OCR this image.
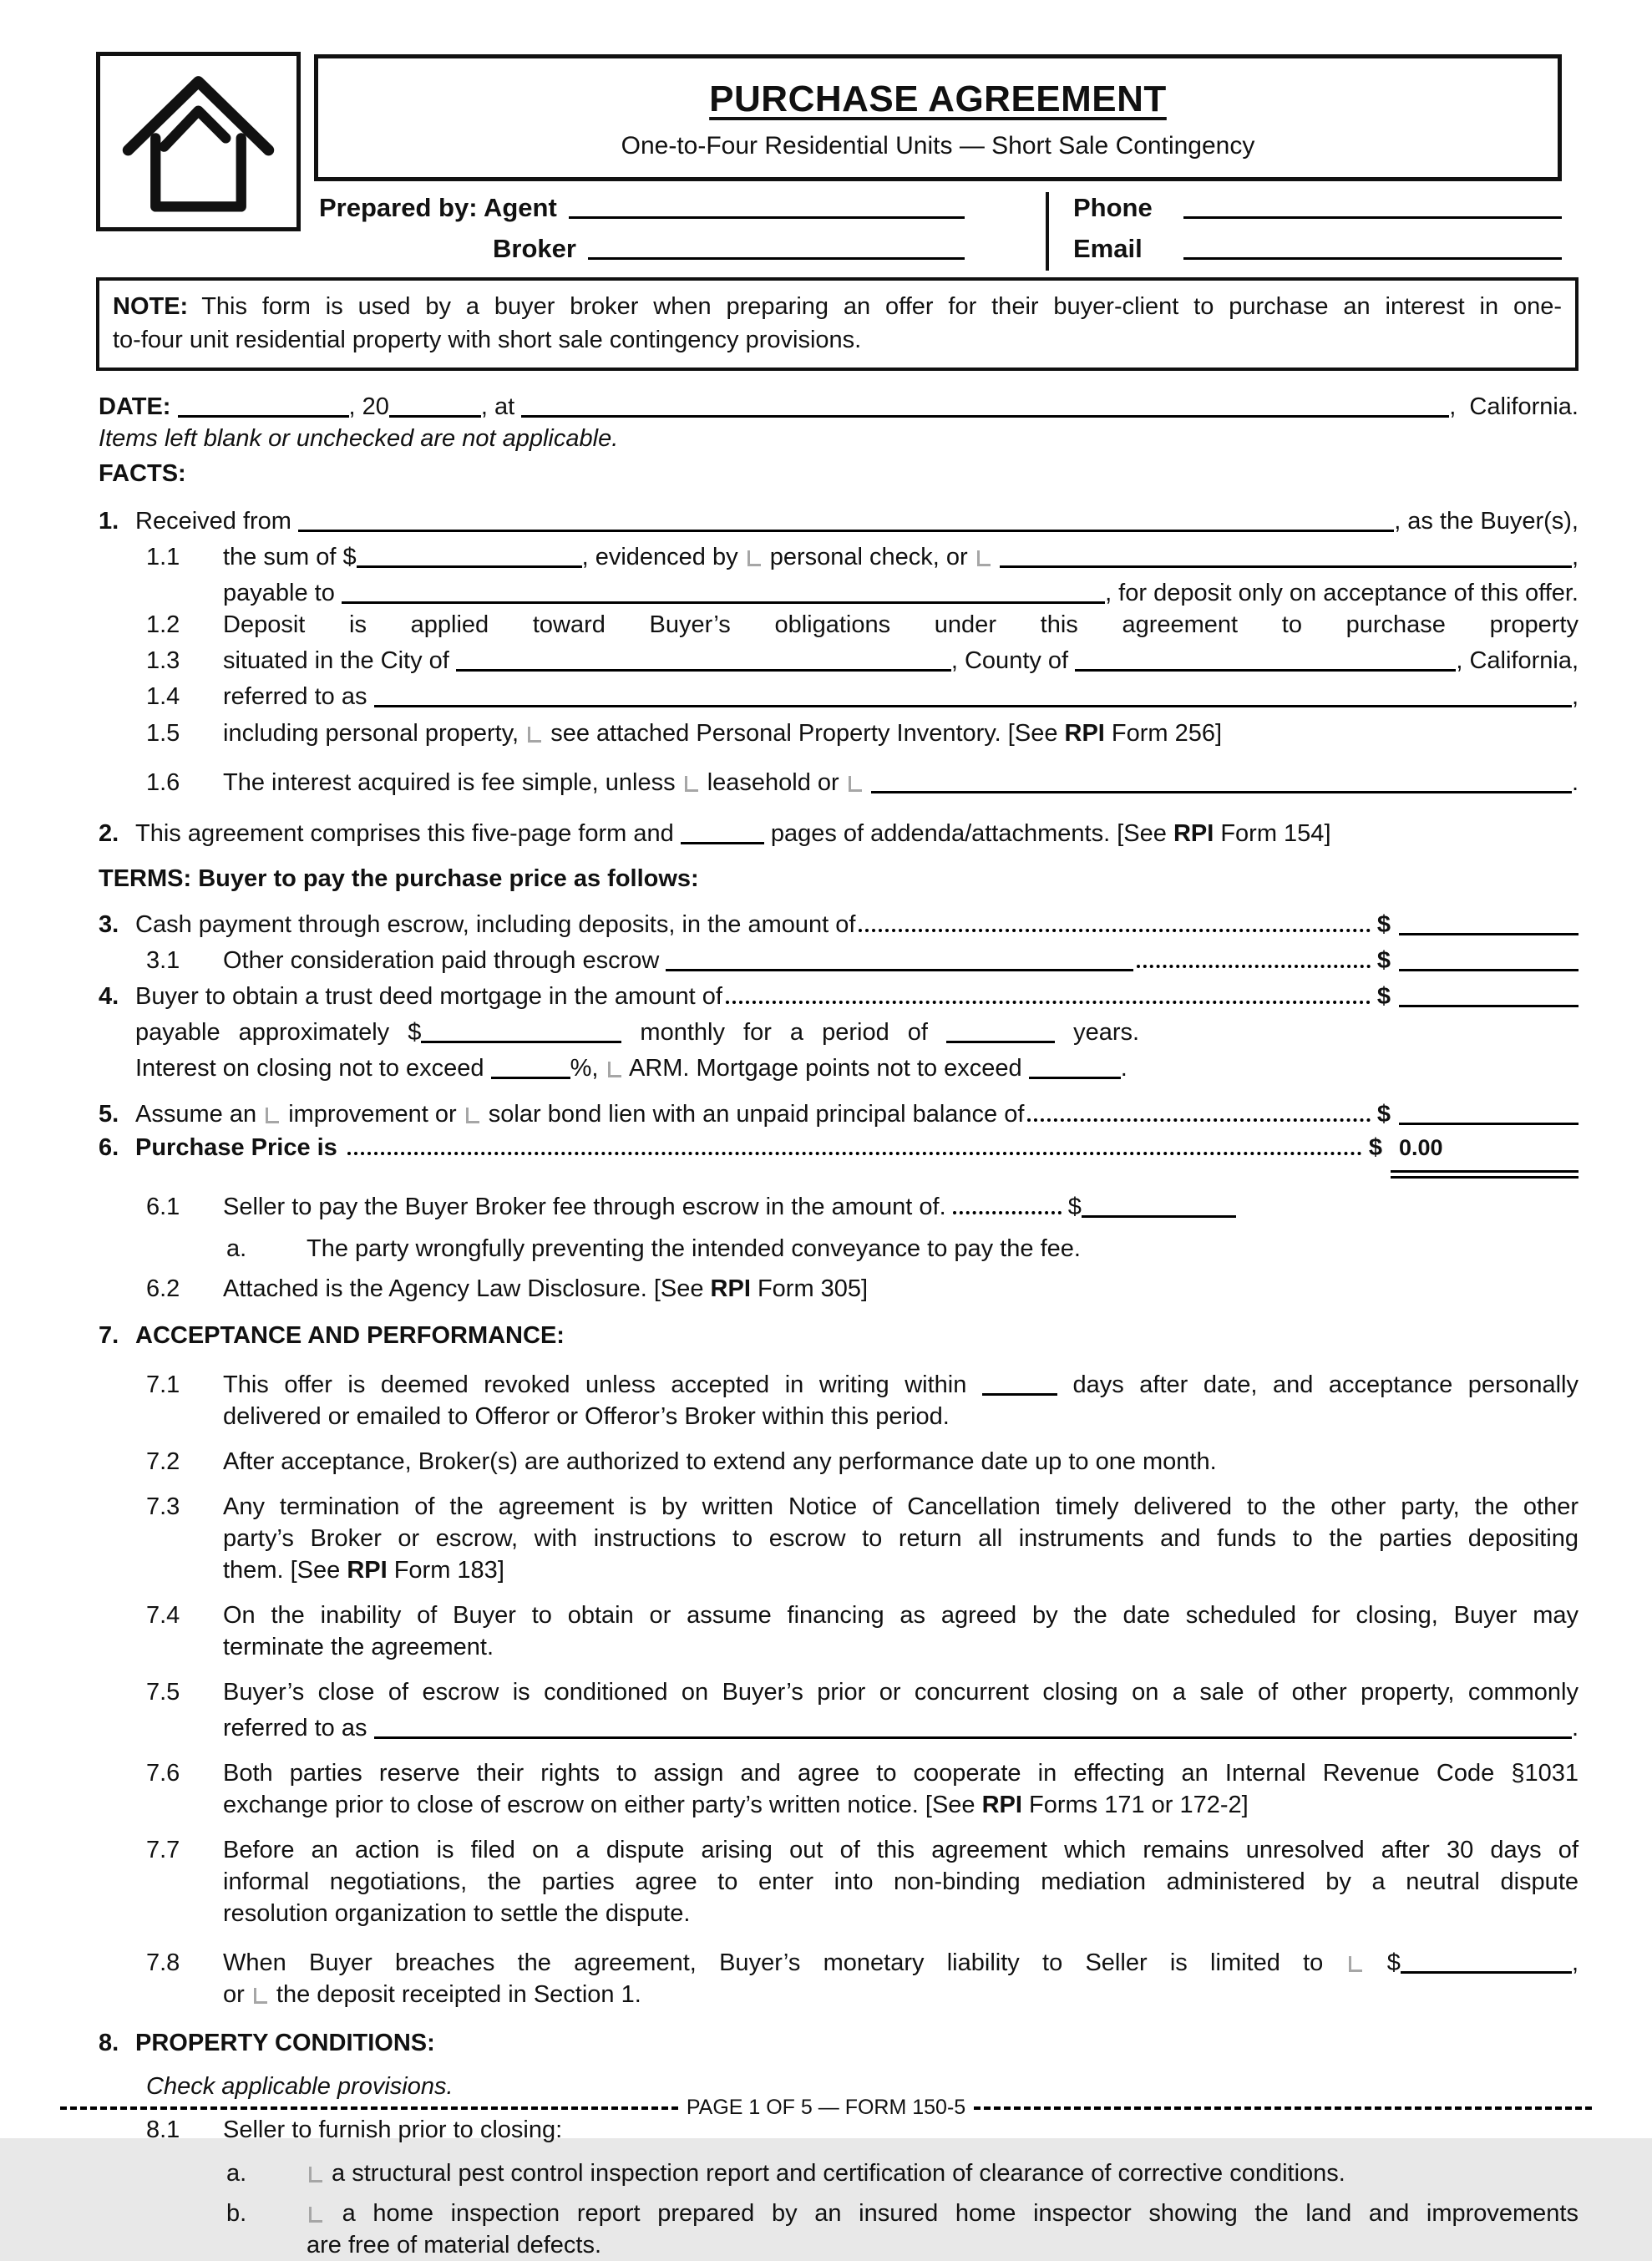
PURCHASE AGREEMENT
One-to-Four Residential Units — Short Sale Contingency
Prepared by: Agent
Broker
Phone
Email
NOTE: This form is used by a buyer broker when preparing an offer for their buyer-client to purchase an interest in one-
to-four unit residential property with short sale contingency provisions.
DATE:	, 20	, at	,  California.
Items left blank or unchecked are not applicable.
FACTS:
1. Received from	, as the Buyer(s),
1.1	the sum of $	, evidenced by personal check, or
	,
payable to	, for deposit only on acceptance of this offer.
1.2	Deposit is applied toward Buyer’s obligations under this agreement to purchase property
1.3	situated in the City of	, County of	, California,
1.4	referred to as	,
1.5	including personal property,  see attached Personal Property Inventory. [See RPI Form 256]
1.6	The interest acquired is fee simple, unless leasehold or
	.
2. This agreement comprises this five-page form and	pages of addenda/attachments. [See RPI Form 154]
TERMS: Buyer to pay the purchase price as follows:
3. Cash payment through escrow, including deposits, in the amount of	$
3.1	Other consideration paid through escrow	$
4. Buyer to obtain a trust deed mortgage in the amount of	$
payable approximately $	monthly for a period of	years.
Interest on closing not to exceed	%,  ARM. Mortgage points not to exceed	.
5. Assume an improvement or solar bond lien with an unpaid principal balance of	$
6. Purchase Price is	$ 0.00
6.1	Seller to pay the Buyer Broker fee through escrow in the amount of.	$
a.	The party wrongfully preventing the intended conveyance to pay the fee.
6.2	Attached is the Agency Law Disclosure. [See RPI Form 305]
7. ACCEPTANCE AND PERFORMANCE:
7.1	This offer is deemed revoked unless accepted in writing within	days after date, and acceptance personally
delivered or emailed to Offeror or Offeror’s Broker within this period.
7.2	After acceptance, Broker(s) are authorized to extend any performance date up to one month.
7.3	Any termination of the agreement is by written Notice of Cancellation timely delivered to the other party, the other
party’s Broker or escrow, with instructions to escrow to return all instruments and funds to the parties depositing
them. [See RPI Form 183]
7.4	On the inability of Buyer to obtain or assume financing as agreed by the date scheduled for closing, Buyer may
terminate the agreement.
7.5	Buyer’s close of escrow is conditioned on Buyer’s prior or concurrent closing on a sale of other property, commonly
referred to as	.
7.6	Both parties reserve their rights to assign and agree to cooperate in effecting an Internal Revenue Code §1031
exchange prior to close of escrow on either party’s written notice. [See RPI Forms 171 or 172-2]
7.7	Before an action is filed on a dispute arising out of this agreement which remains unresolved after 30 days of
informal negotiations, the parties agree to enter into non-binding mediation administered by a neutral dispute
resolution organization to settle the dispute.
7.8	When Buyer breaches the agreement, Buyer’s monetary liability to Seller is limited to  $	,
or  the deposit receipted in Section 1.
8. PROPERTY CONDITIONS:
Check applicable provisions.
8.1	Seller to furnish prior to closing:
a.	a structural pest control inspection report and certification of clearance of corrective conditions.
b.	a home inspection report prepared by an insured home inspector showing the land and improvements
are free of material defects.
PAGE 1 OF 5 — FORM 150-5
